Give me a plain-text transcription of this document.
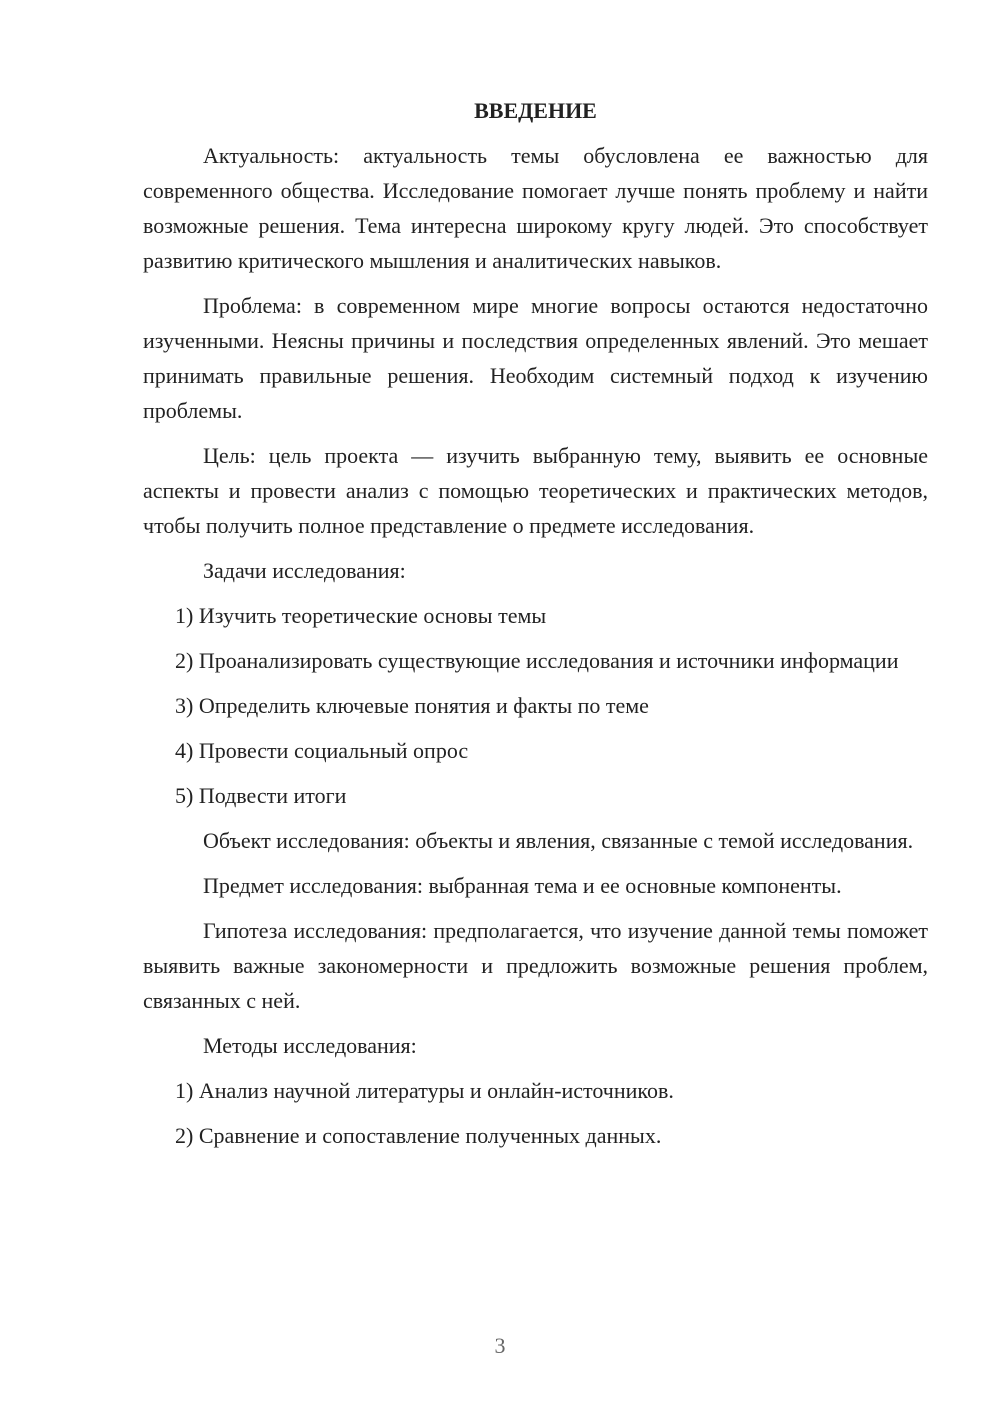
ВВЕДЕНИЕ
Актуальность: актуальность темы обусловлена ее важностью для современного общества. Исследование помогает лучше понять проблему и найти возможные решения. Тема интересна широкому кругу людей. Это способствует развитию критического мышления и аналитических навыков.
Проблема: в современном мире многие вопросы остаются недостаточно изученными. Неясны причины и последствия определенных явлений. Это мешает принимать правильные решения. Необходим системный подход к изучению проблемы.
Цель: цель проекта — изучить выбранную тему, выявить ее основные аспекты и провести анализ с помощью теоретических и практических методов, чтобы получить полное представление о предмете исследования.
Задачи исследования:
1) Изучить теоретические основы темы
2) Проанализировать существующие исследования и источники информации
3) Определить ключевые понятия и факты по теме
4) Провести социальный опрос
5) Подвести итоги
Объект исследования: объекты и явления, связанные с темой исследования.
Предмет исследования: выбранная тема и ее основные компоненты.
Гипотеза исследования: предполагается, что изучение данной темы поможет выявить важные закономерности и предложить возможные решения проблем, связанных с ней.
Методы исследования:
1) Анализ научной литературы и онлайн-источников.
2) Сравнение и сопоставление полученных данных.
3
